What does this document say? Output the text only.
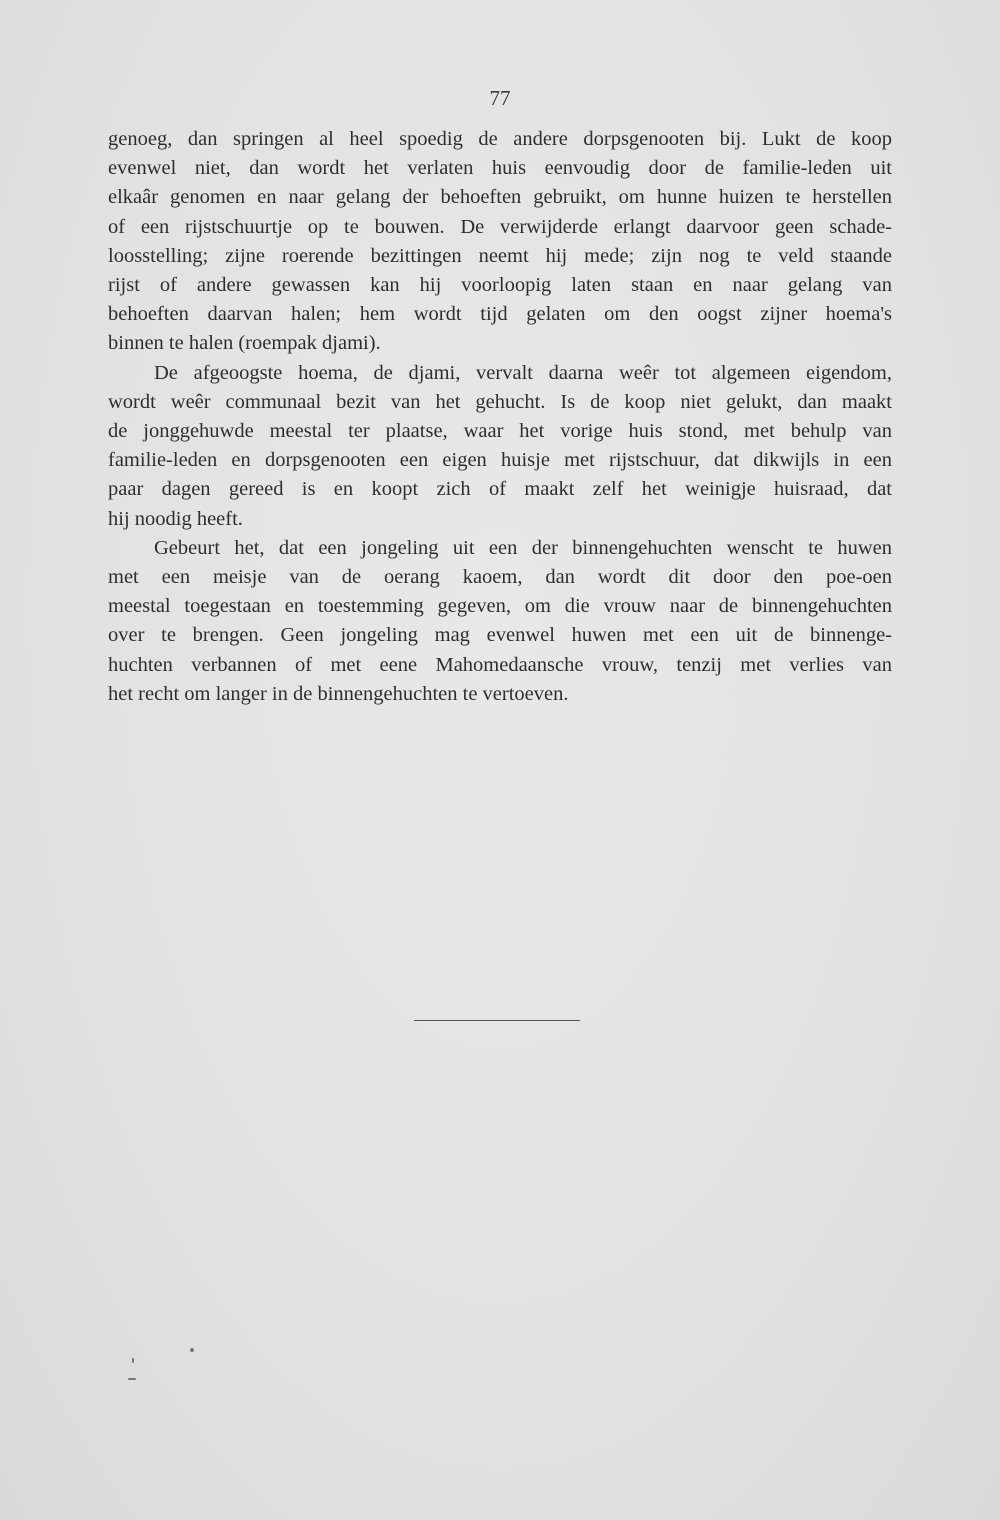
77
genoeg, dan springen al heel spoedig de andere dorpsgenooten bij. Lukt de koop
evenwel niet, dan wordt het verlaten huis eenvoudig door de familie-leden uit
elkaâr genomen en naar gelang der behoeften gebruikt, om hunne huizen te herstellen
of een rijstschuurtje op te bouwen. De verwijderde erlangt daarvoor geen schade-
loosstelling; zijne roerende bezittingen neemt hij mede; zijn nog te veld staande
rijst of andere gewassen kan hij voorloopig laten staan en naar gelang van
behoeften daarvan halen; hem wordt tijd gelaten om den oogst zijner hoema's
binnen te halen (roempak djami).
De afgeoogste hoema, de djami, vervalt daarna weêr tot algemeen eigendom,
wordt weêr communaal bezit van het gehucht. Is de koop niet gelukt, dan maakt
de jonggehuwde meestal ter plaatse, waar het vorige huis stond, met behulp van
familie-leden en dorpsgenooten een eigen huisje met rijstschuur, dat dikwijls in een
paar dagen gereed is en koopt zich of maakt zelf het weinigje huisraad, dat
hij noodig heeft.
Gebeurt het, dat een jongeling uit een der binnengehuchten wenscht te huwen
met een meisje van de oerang kaoem, dan wordt dit door den poe-oen
meestal toegestaan en toestemming gegeven, om die vrouw naar de binnengehuchten
over te brengen. Geen jongeling mag evenwel huwen met een uit de binnenge-
huchten verbannen of met eene Mahomedaansche vrouw, tenzij met verlies van
het recht om langer in de binnengehuchten te vertoeven.
